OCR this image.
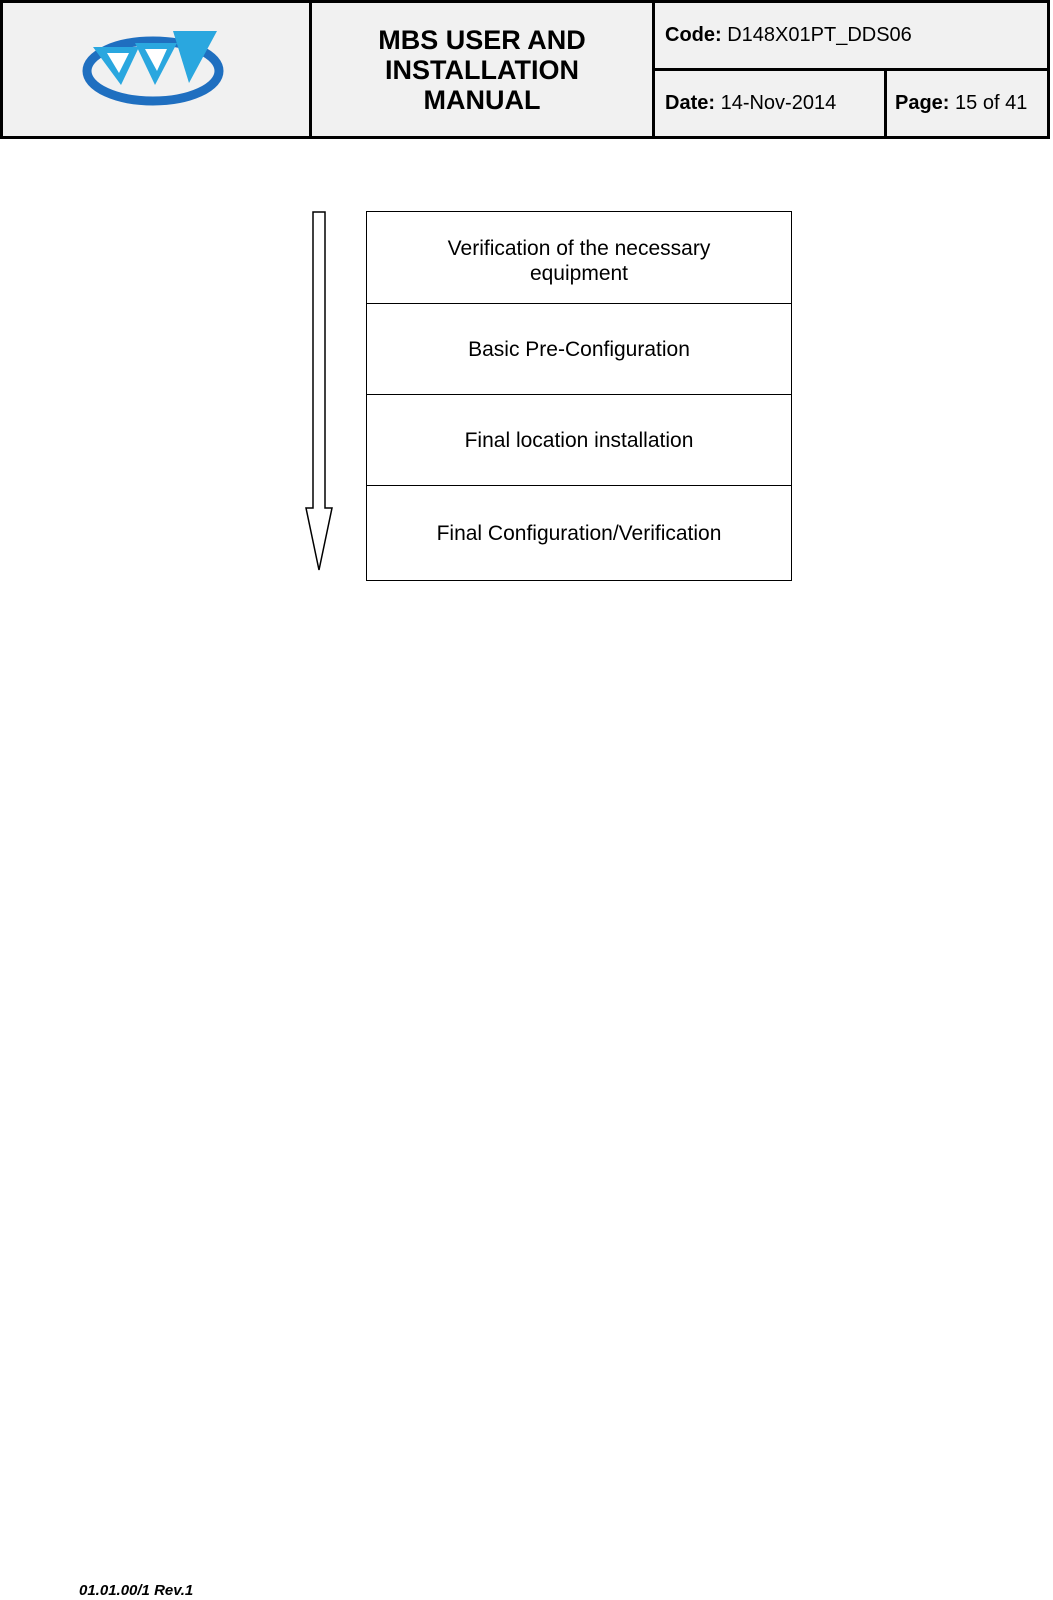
MBS USER AND INSTALLATION MANUAL
Code:
D148X01PT_DDS06
Date:
14-Nov-2014	Page:
15 of 41
Verification of the necessary equipment
Basic Pre-Configuration
Final location installation
Final Configuration/Verification
01.01.00/1 Rev.1
